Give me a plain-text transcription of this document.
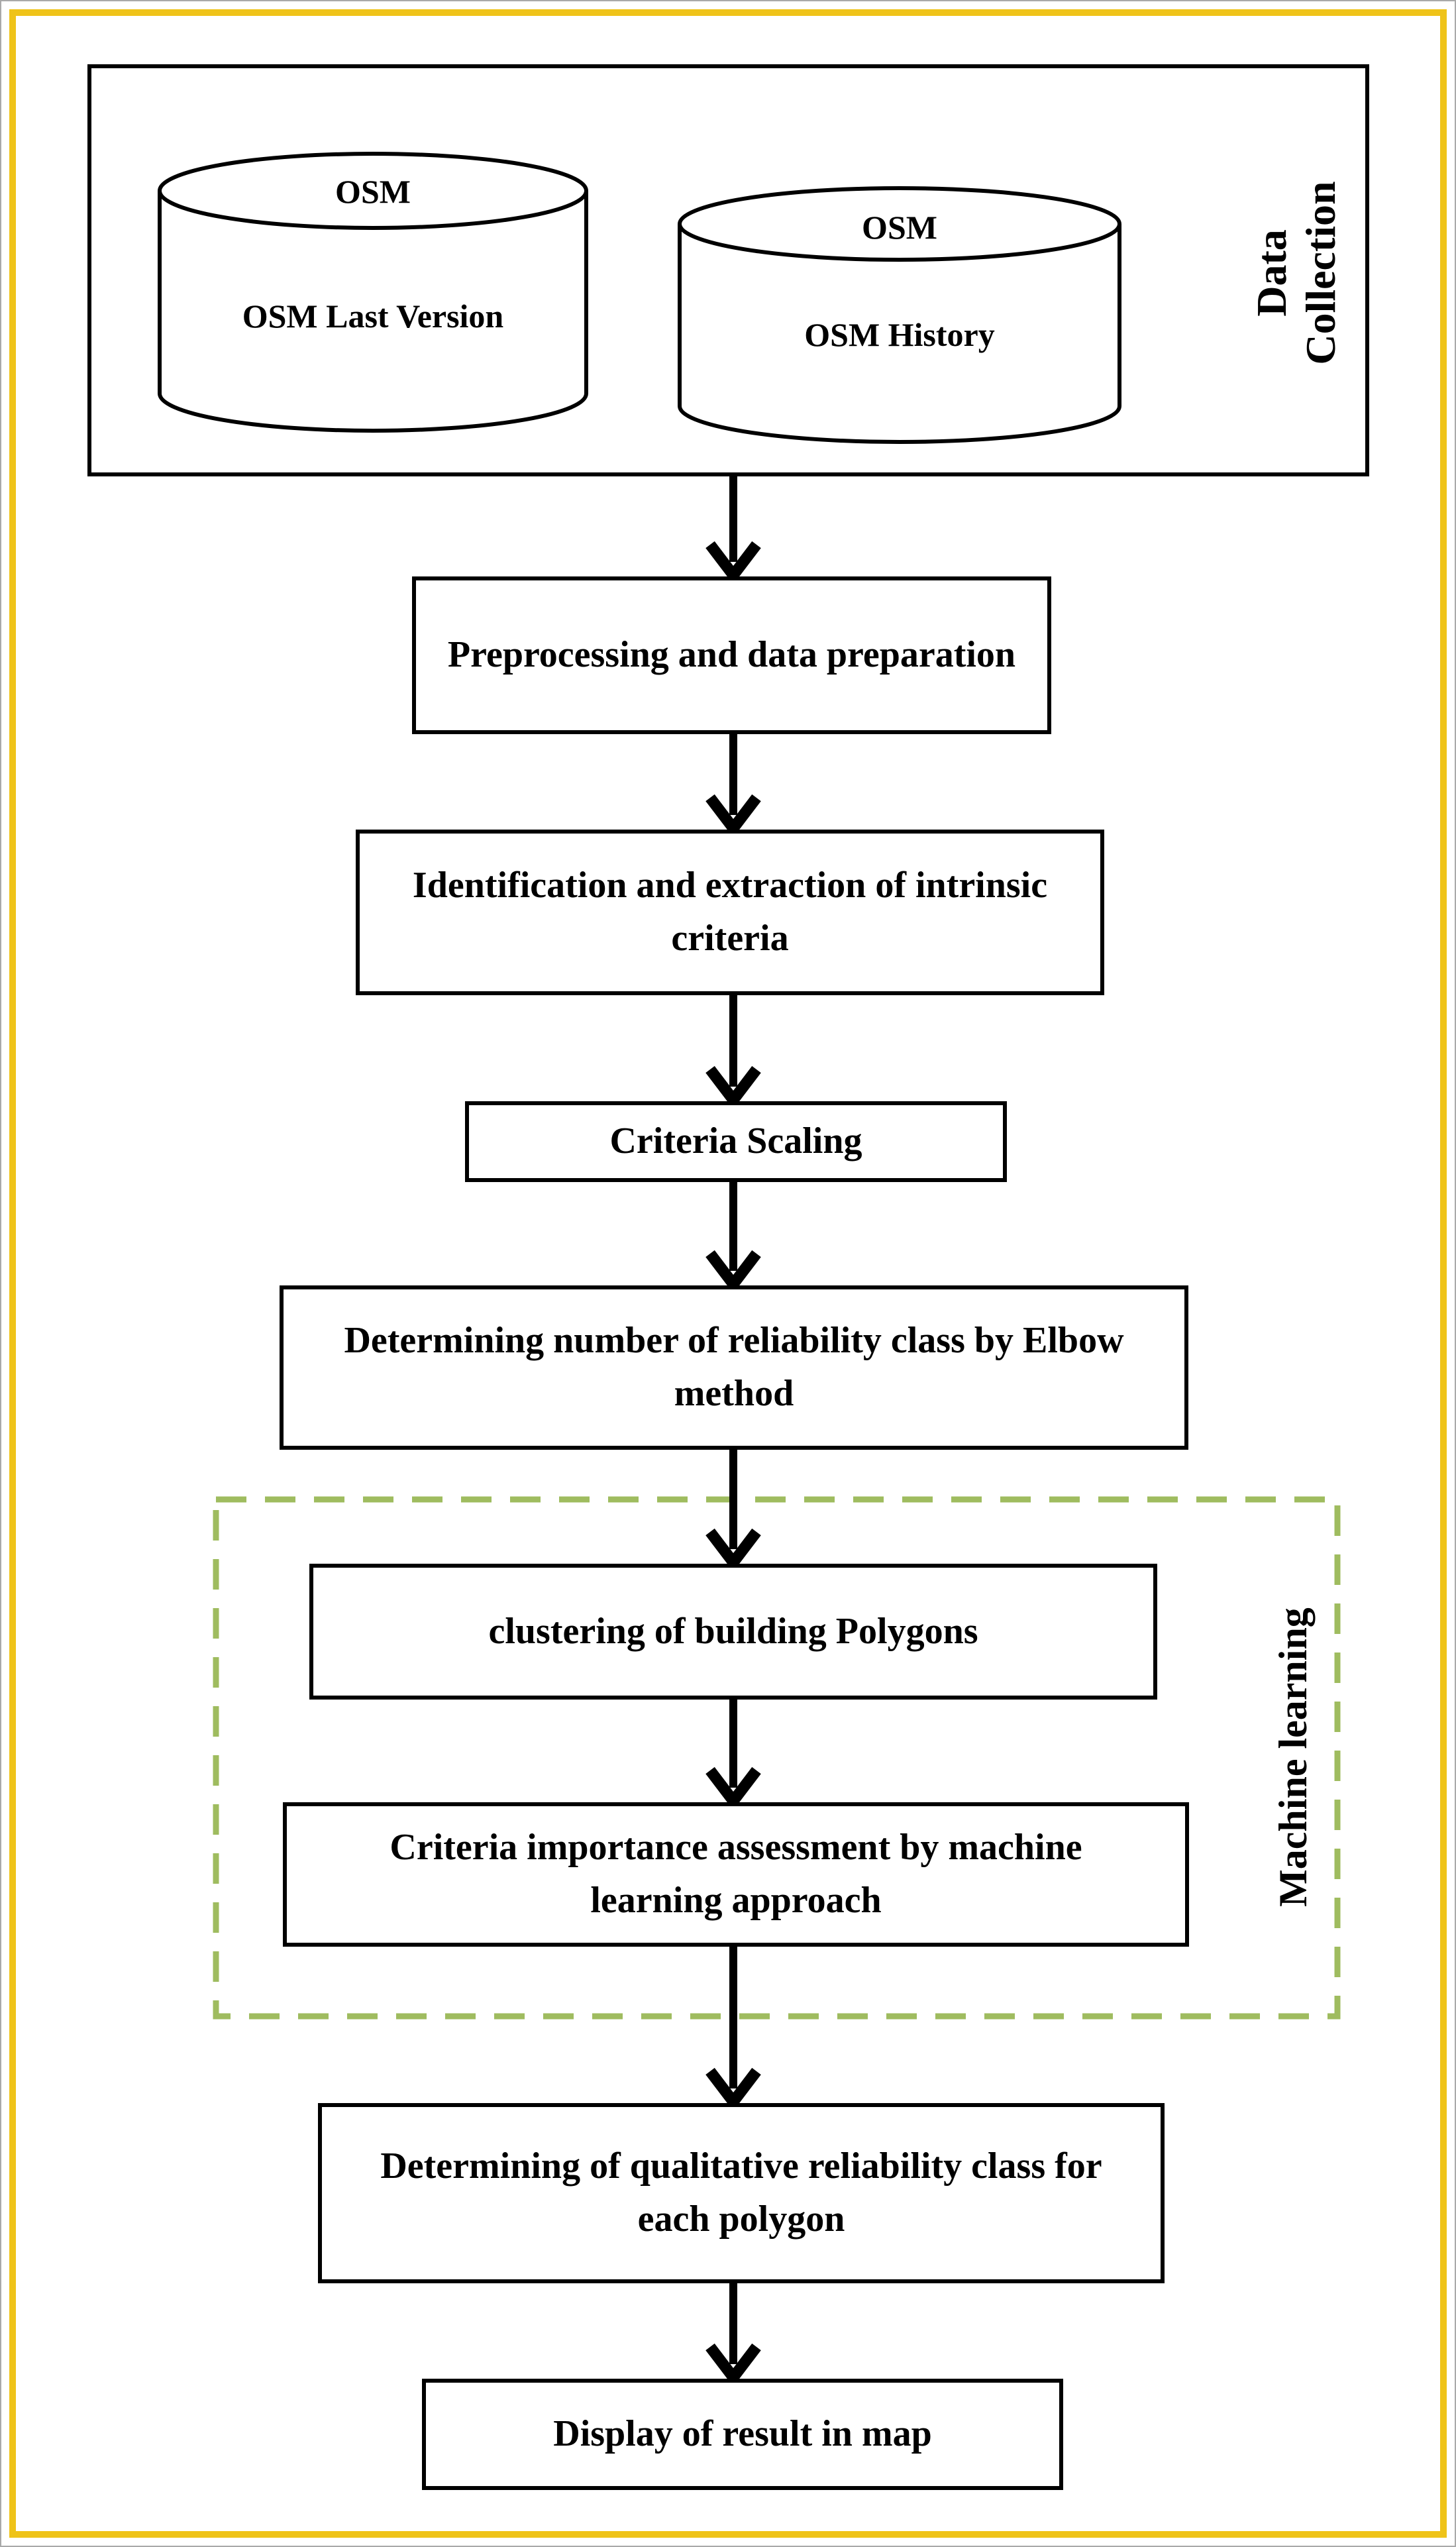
OSM
OSM Last Version
OSM
OSM History
Data Collection
Machine learning
Preprocessing and data preparation
Identification and extraction of intrinsic criteria
Criteria Scaling
Determining number of reliability class by Elbow method
clustering of building Polygons
Criteria importance assessment by machine learning approach
Determining of qualitative reliability class for each polygon
Display of result in map
